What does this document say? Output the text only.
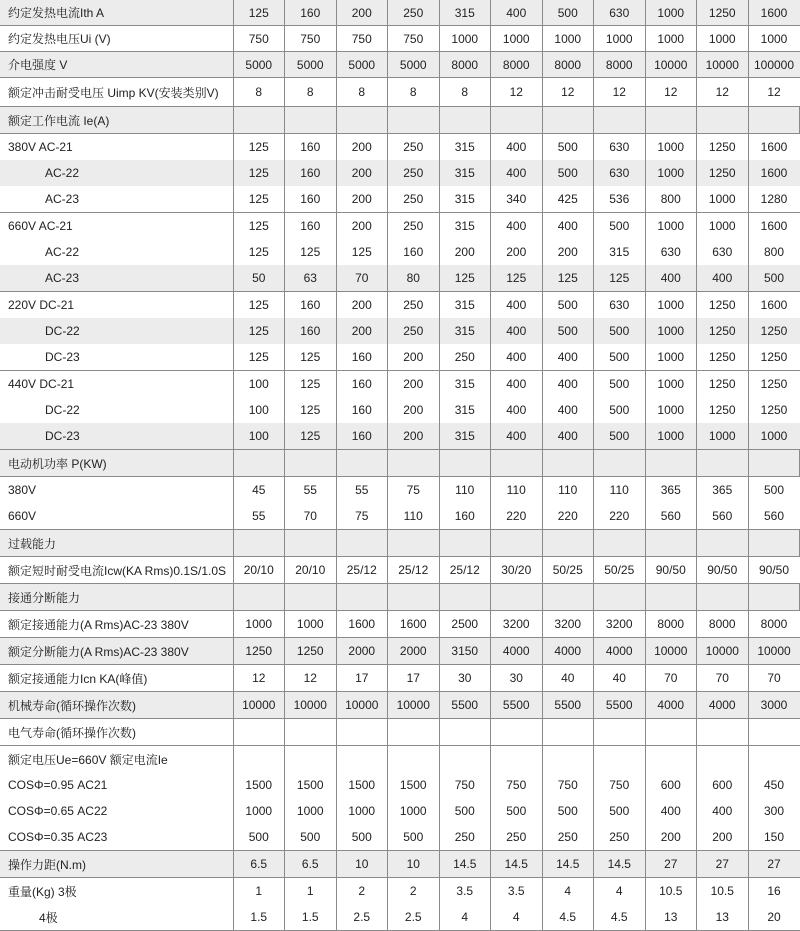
约定发热电流Ith A	125	160	200	250	315	400	500	630	1000	1250	1600
约定发热电压Ui (V)	750	750	750	750	1000	1000	1000	1000	1000	1000	1000
介电强度 V	5000	5000	5000	5000	8000	8000	8000	8000	10000	10000	100000
额定冲击耐受电压 Uimp KV(安装类别V)	8	8	8	8	8	12	12	12	12	12	12
额定工作电流 Ie(A)											
380V AC-21	125	160	200	250	315	400	500	630	1000	1250	1600
AC-22	125	160	200	250	315	400	500	630	1000	1250	1600
AC-23	125	160	200	250	315	340	425	536	800	1000	1280
660V AC-21	125	160	200	250	315	400	400	500	1000	1000	1600
AC-22	125	125	125	160	200	200	200	315	630	630	800
AC-23	50	63	70	80	125	125	125	125	400	400	500
220V DC-21	125	160	200	250	315	400	500	630	1000	1250	1600
DC-22	125	160	200	250	315	400	500	500	1000	1250	1250
DC-23	125	125	160	200	250	400	400	500	1000	1250	1250
440V DC-21	100	125	160	200	315	400	400	500	1000	1250	1250
DC-22	100	125	160	200	315	400	400	500	1000	1250	1250
DC-23	100	125	160	200	315	400	400	500	1000	1000	1000
电动机功率 P(KW)											
380V	45	55	55	75	110	110	110	110	365	365	500
660V	55	70	75	110	160	220	220	220	560	560	560
过载能力											
额定短时耐受电流Icw(KA Rms)0.1S/1.0S	20/10	20/10	25/12	25/12	25/12	30/20	50/25	50/25	90/50	90/50	90/50
接通分断能力											
额定接通能力(A Rms)AC-23 380V	1000	1000	1600	1600	2500	3200	3200	3200	8000	8000	8000
额定分断能力(A Rms)AC-23 380V	1250	1250	2000	2000	3150	4000	4000	4000	10000	10000	10000
额定接通能力Icn KA(峰值)	12	12	17	17	30	30	40	40	70	70	70
机械寿命(循环操作次数)	10000	10000	10000	10000	5500	5500	5500	5500	4000	4000	3000
电气寿命(循环操作次数)											
额定电压Ue=660V 额定电流Ie											
COSΦ=0.95 AC21	1500	1500	1500	1500	750	750	750	750	600	600	450
COSΦ=0.65 AC22	1000	1000	1000	1000	500	500	500	500	400	400	300
COSΦ=0.35 AC23	500	500	500	500	250	250	250	250	200	200	150
操作力距(N.m)	6.5	6.5	10	10	14.5	14.5	14.5	14.5	27	27	27
重量(Kg) 3极	1	1	2	2	3.5	3.5	4	4	10.5	10.5	16
4极	1.5	1.5	2.5	2.5	4	4	4.5	4.5	13	13	20
